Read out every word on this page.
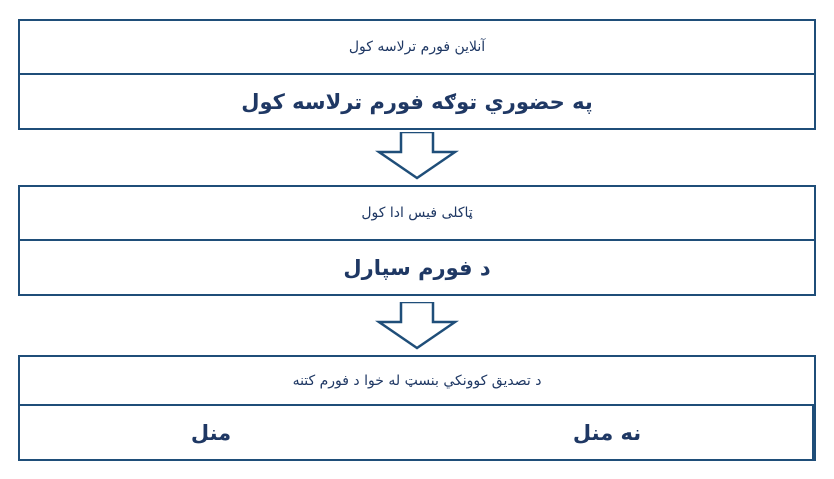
آنلاین فورم ترلاسه کول
په حضوري توګه فورم ترلاسه کول
ټاکلی فیس ادا کول
د فورم سپارل
د تصدیق کوونکي بنسټ له خوا د فورم کتنه
منل	نه منل
